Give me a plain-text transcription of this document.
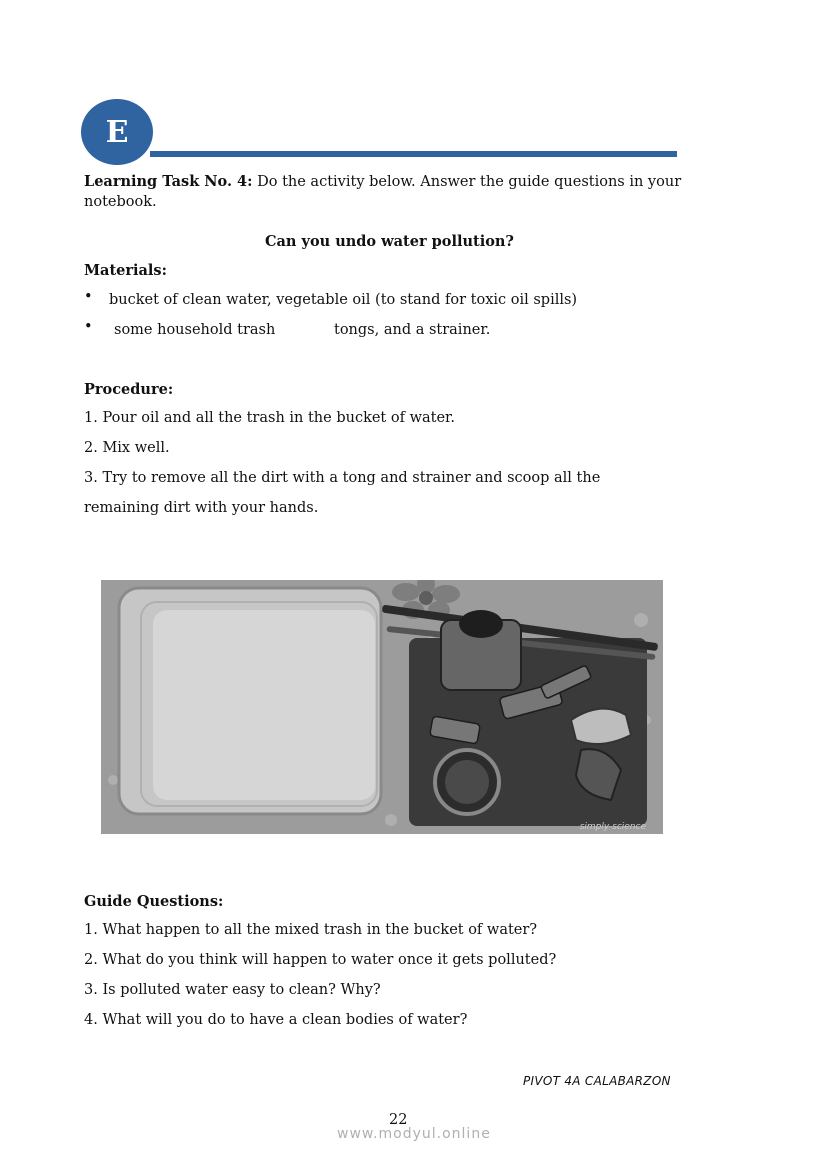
E
Learning Task No. 4: Do the activity below. Answer the guide questions in your
notebook.
Can you undo water pollution?
Materials:
• bucket of clean water, vegetable oil (to stand for toxic oil spills)
• some household trash	tongs, and a strainer.
Procedure:
1. Pour oil and all the trash in the bucket of water.
2. Mix well.
3. Try to remove all the dirt with a tong and strainer and scoop all the
remaining dirt with your hands.
simply-science
Guide Questions:
1. What happen to all the mixed trash in the bucket of water?
2. What do you think will happen to water once it gets polluted?
3. Is polluted water easy to clean? Why?
4. What will you do to have a clean bodies of water?
PIVOT 4A CALABARZON
22
www.modyul.online
